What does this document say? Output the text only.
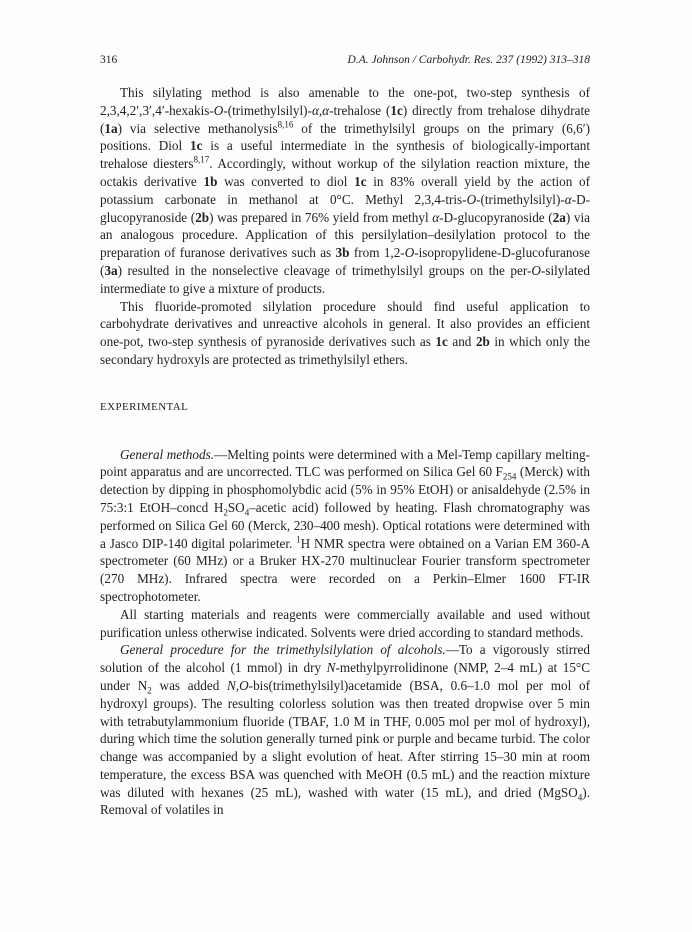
316	D.A. Johnson / Carbohydr. Res. 237 (1992) 313–318

This silylating method is also amenable to the one-pot, two-step synthesis of 2,3,4,2′,3′,4′-hexakis-O-(trimethylsilyl)-α,α-trehalose (1c) directly from trehalose dihydrate (1a) via selective methanolysis$^{8,16}$ of the trimethylsilyl groups on the primary (6,6′) positions. Diol 1c is a useful intermediate in the synthesis of biologically-important trehalose diesters$^{8,17}$. Accordingly, without workup of the silylation reaction mixture, the octakis derivative 1b was converted to diol 1c in 83% overall yield by the action of potassium carbonate in methanol at 0°C. Methyl 2,3,4-tris-O-(trimethylsilyl)-α-D-glucopyranoside (2b) was prepared in 76% yield from methyl α-D-glucopyranoside (2a) via an analogous procedure. Application of this persilylation–desilylation protocol to the preparation of furanose derivatives such as 3b from 1,2-O-isopropylidene-D-glucofuranose (3a) resulted in the nonselective cleavage of trimethylsilyl groups on the per-O-silylated intermediate to give a mixture of products.

This fluoride-promoted silylation procedure should find useful application to carbohydrate derivatives and unreactive alcohols in general. It also provides an efficient one-pot, two-step synthesis of pyranoside derivatives such as 1c and 2b in which only the secondary hydroxyls are protected as trimethylsilyl ethers.

EXPERIMENTAL

General methods.—Melting points were determined with a Mel-Temp capillary melting-point apparatus and are uncorrected. TLC was performed on Silica Gel 60 $F_{254}$ (Merck) with detection by dipping in phosphomolybdic acid (5% in 95% EtOH) or anisaldehyde (2.5% in 75:3:1 EtOH–concd $H_2SO_4$–acetic acid) followed by heating. Flash chromatography was performed on Silica Gel 60 (Merck, 230–400 mesh). Optical rotations were determined with a Jasco DIP-140 digital polarimeter. $^1$H NMR spectra were obtained on a Varian EM 360-A spectrometer (60 MHz) or a Bruker HX-270 multinuclear Fourier transform spectrometer (270 MHz). Infrared spectra were recorded on a Perkin–Elmer 1600 FT-IR spectrophotometer.

All starting materials and reagents were commercially available and used without purification unless otherwise indicated. Solvents were dried according to standard methods.

General procedure for the trimethylsilylation of alcohols.—To a vigorously stirred solution of the alcohol (1 mmol) in dry N-methylpyrrolidinone (NMP, 2–4 mL) at 15°C under $N_2$ was added N,O-bis(trimethylsilyl)acetamide (BSA, 0.6–1.0 mol per mol of hydroxyl groups). The resulting colorless solution was then treated dropwise over 5 min with tetrabutylammonium fluoride (TBAF, 1.0 M in THF, 0.005 mol per mol of hydroxyl), during which time the solution generally turned pink or purple and became turbid. The color change was accompanied by a slight evolution of heat. After stirring 15–30 min at room temperature, the excess BSA was quenched with MeOH (0.5 mL) and the reaction mixture was diluted with hexanes (25 mL), washed with water (15 mL), and dried (MgSO$_4$). Removal of volatiles in
